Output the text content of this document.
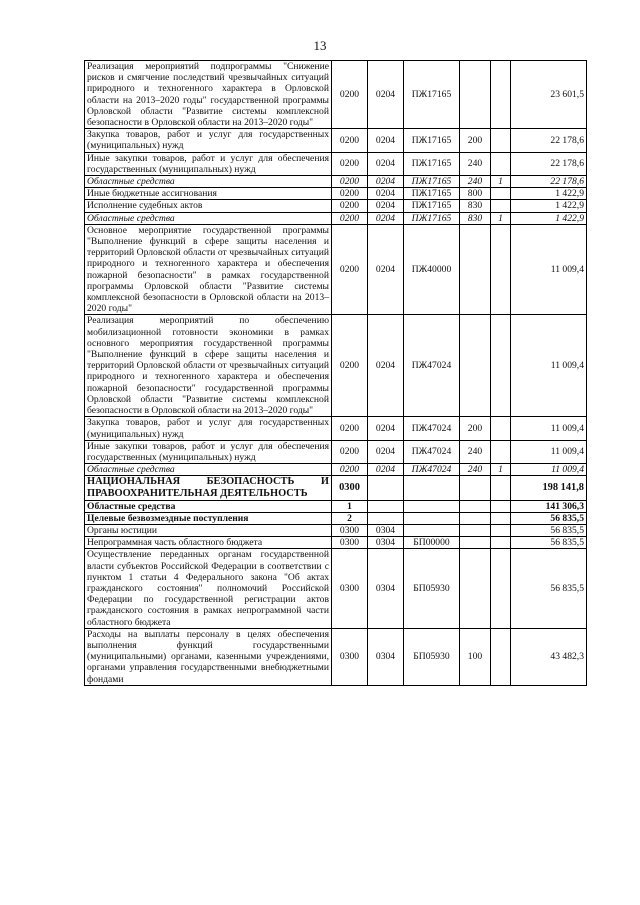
13
Реализация мероприятий подпрограммы "Снижение рисков и смягчение последствий чрезвычайных ситуаций природного и техногенного характера в Орловской области на 2013–2020 годы" государственной программы Орловской области "Развитие системы комплексной безопасности в Орловской области на 2013–2020 годы"	0200	0204	ПЖ17165			23 601,5
Закупка товаров, работ и услуг для государственных (муниципальных) нужд	0200	0204	ПЖ17165	200		22 178,6
Иные закупки товаров, работ и услуг для обеспечения государственных (муниципальных) нужд	0200	0204	ПЖ17165	240		22 178,6
Областные средства	0200	0204	ПЖ17165	240	1	22 178,6
Иные бюджетные ассигнования	0200	0204	ПЖ17165	800		1 422,9
Исполнение судебных актов	0200	0204	ПЖ17165	830		1 422,9
Областные средства	0200	0204	ПЖ17165	830	1	1 422,9
Основное мероприятие государственной программы "Выполнение функций в сфере защиты населения и территорий Орловской области от чрезвычайных ситуаций природного и техногенного характера и обеспечения пожарной безопасности" в рамках государственной программы Орловской области "Развитие системы комплексной безопасности в Орловской области на 2013–2020 годы"	0200	0204	ПЖ40000			11 009,4
Реализация мероприятий по обеспечению мобилизационной готовности экономики в рамках основного мероприятия государственной программы "Выполнение функций в сфере защиты населения и территорий Орловской области от чрезвычайных ситуаций природного и техногенного характера и обеспечения пожарной безопасности" государственной программы Орловской области "Развитие системы комплексной безопасности в Орловской области на 2013–2020 годы"	0200	0204	ПЖ47024			11 009,4
Закупка товаров, работ и услуг для государственных (муниципальных) нужд	0200	0204	ПЖ47024	200		11 009,4
Иные закупки товаров, работ и услуг для обеспечения государственных (муниципальных) нужд	0200	0204	ПЖ47024	240		11 009,4
Областные средства	0200	0204	ПЖ47024	240	1	11 009,4
НАЦИОНАЛЬНАЯ БЕЗОПАСНОСТЬ И ПРАВООХРАНИТЕЛЬНАЯ ДЕЯТЕЛЬНОСТЬ	0300					198 141,8
Областные средства	1					141 306,3
Целевые безвозмездные поступления	2					56 835,5
Органы юстиции	0300	0304				56 835,5
Непрограммная часть областного бюджета	0300	0304	БП00000			56 835,5
Осуществление переданных органам государственной власти субъектов Российской Федерации в соответствии с пунктом 1 статьи 4 Федерального закона "Об актах гражданского состояния" полномочий Российской Федерации по государственной регистрации актов гражданского состояния в рамках непрограммной части областного бюджета	0300	0304	БП05930			56 835,5
Расходы на выплаты персоналу в целях обеспечения выполнения функций государственными (муниципальными) органами, казенными учреждениями, органами управления государственными внебюджетными фондами	0300	0304	БП05930	100		43 482,3
